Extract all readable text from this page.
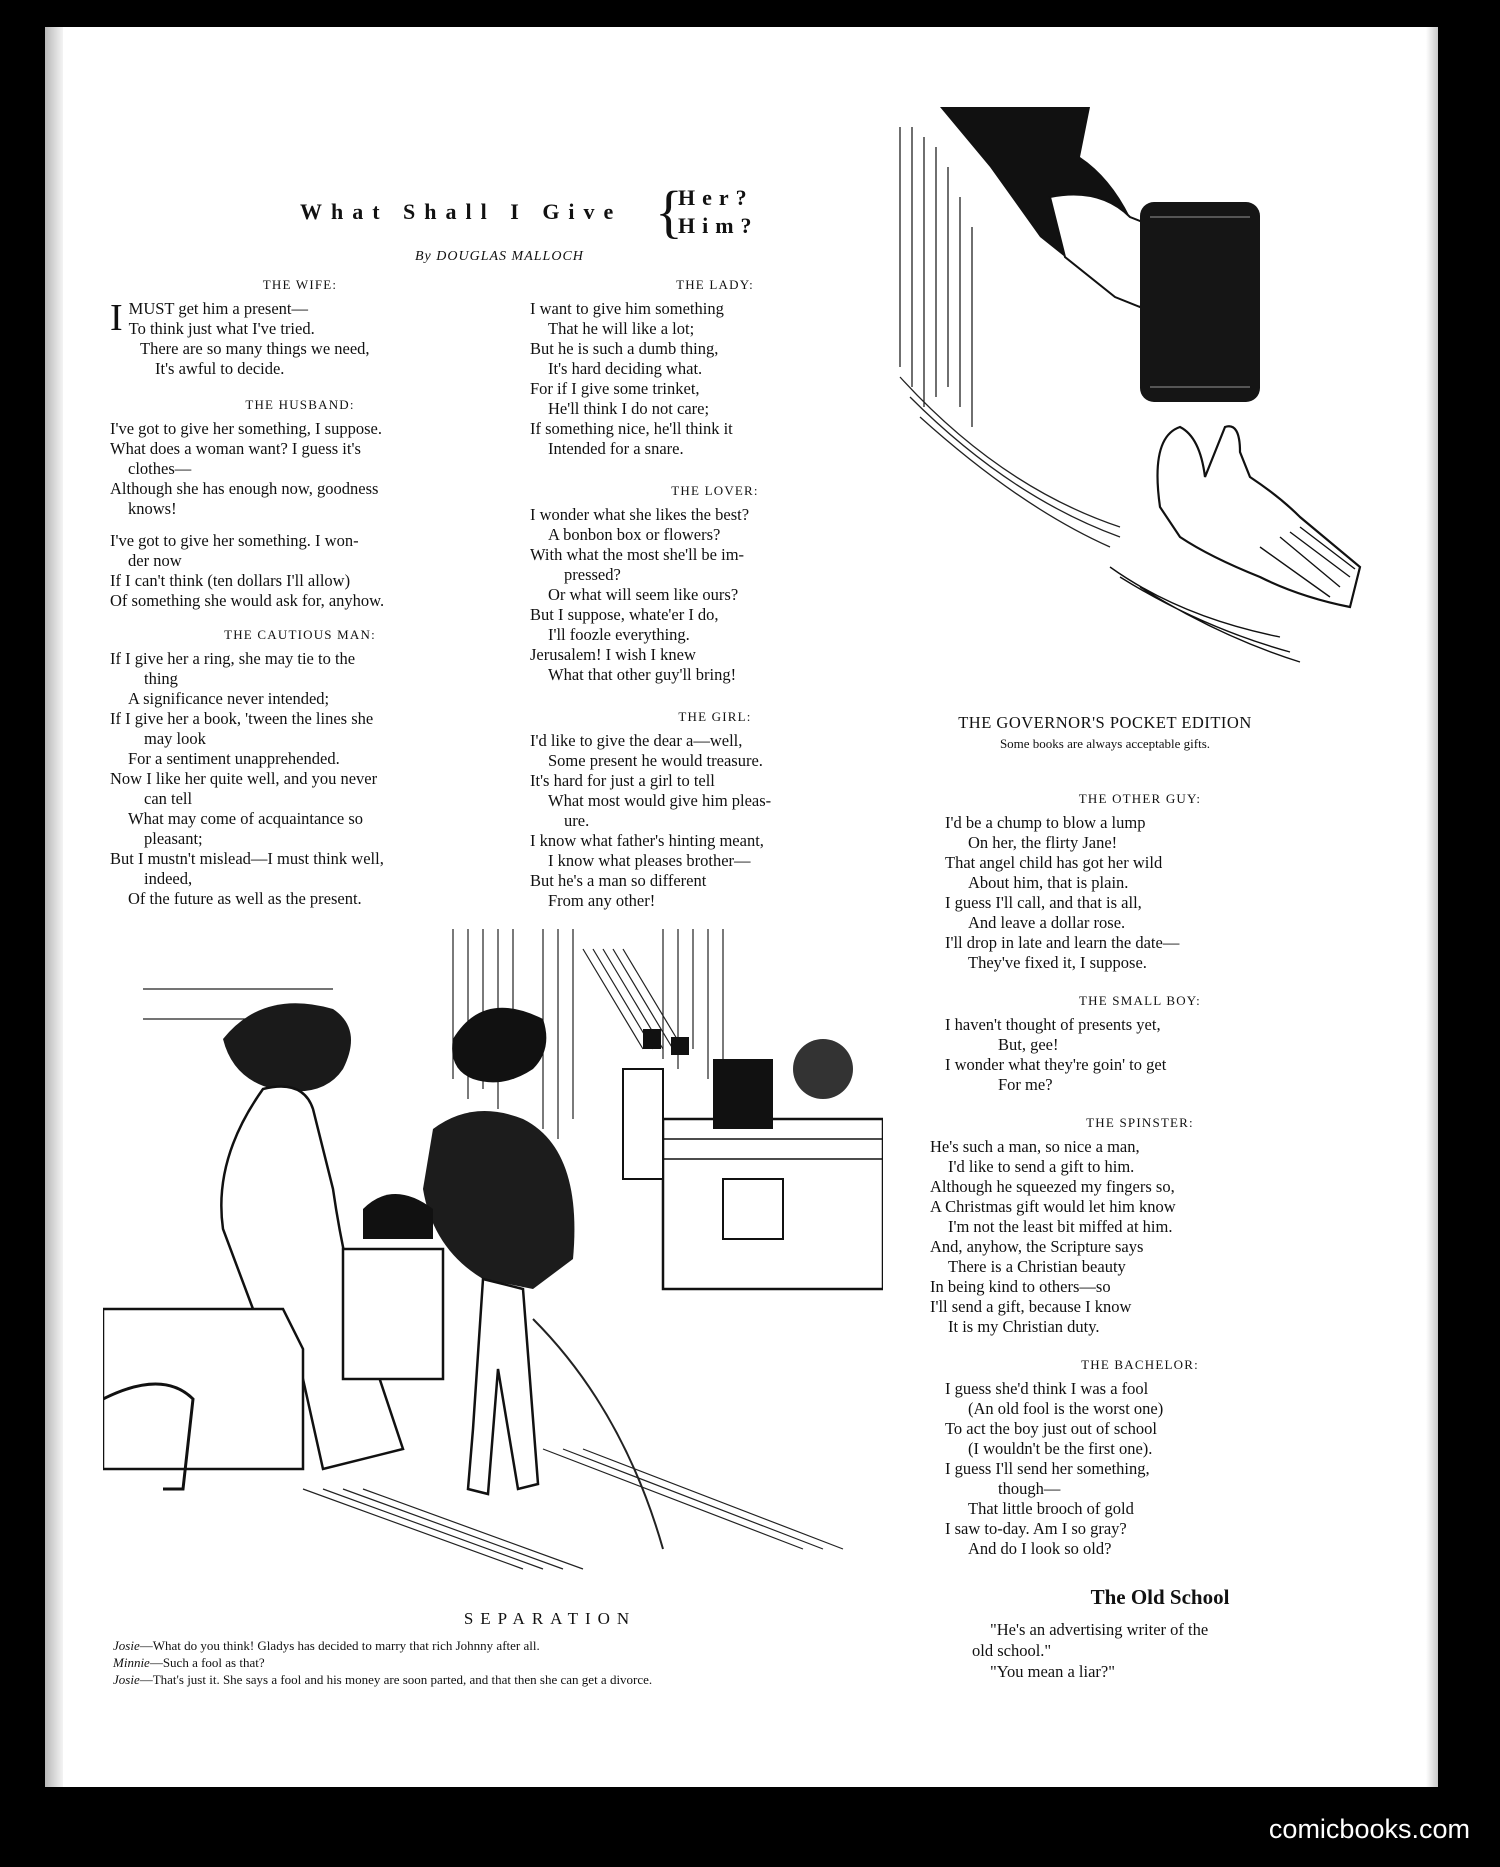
What Shall I Give {
Her?
Him?
By DOUGLAS MALLOCH
THE WIFE:
I MUST get him a present—
To think just what I've tried.
There are so many things we need,
It's awful to decide.
THE HUSBAND:
I've got to give her something, I suppose.
What does a woman want? I guess it's
clothes—
Although she has enough now, goodness
knows!
I've got to give her something. I won-
der now
If I can't think (ten dollars I'll allow)
Of something she would ask for, anyhow.
THE CAUTIOUS MAN:
If I give her a ring, she may tie to the
thing
A significance never intended;
If I give her a book, 'tween the lines she
may look
For a sentiment unapprehended.
Now I like her quite well, and you never
can tell
What may come of acquaintance so
pleasant;
But I mustn't mislead—I must think well,
indeed,
Of the future as well as the present.
THE LADY:
I want to give him something
That he will like a lot;
But he is such a dumb thing,
It's hard deciding what.
For if I give some trinket,
He'll think I do not care;
If something nice, he'll think it
Intended for a snare.
THE LOVER:
I wonder what she likes the best?
A bonbon box or flowers?
With what the most she'll be im-
pressed?
Or what will seem like ours?
But I suppose, whate'er I do,
I'll foozle everything.
Jerusalem! I wish I knew
What that other guy'll bring!
THE GIRL:
I'd like to give the dear a—well,
Some present he would treasure.
It's hard for just a girl to tell
What most would give him pleas-
ure.
I know what father's hinting meant,
I know what pleases brother—
But he's a man so different
From any other!
THE GOVERNOR'S POCKET EDITION
Some books are always acceptable gifts.
THE OTHER GUY:
I'd be a chump to blow a lump
On her, the flirty Jane!
That angel child has got her wild
About him, that is plain.
I guess I'll call, and that is all,
And leave a dollar rose.
I'll drop in late and learn the date—
They've fixed it, I suppose.
THE SMALL BOY:
I haven't thought of presents yet,
But, gee!
I wonder what they're goin' to get
For me?
THE SPINSTER:
He's such a man, so nice a man,
I'd like to send a gift to him.
Although he squeezed my fingers so,
A Christmas gift would let him know
I'm not the least bit miffed at him.
And, anyhow, the Scripture says
There is a Christian beauty
In being kind to others—so
I'll send a gift, because I know
It is my Christian duty.
THE BACHELOR:
I guess she'd think I was a fool
(An old fool is the worst one)
To act the boy just out of school
(I wouldn't be the first one).
I guess I'll send her something,
though—
That little brooch of gold
I saw to-day. Am I so gray?
And do I look so old?
SEPARATION
Josie—What do you think! Gladys has decided to marry that rich Johnny after all.
Minnie—Such a fool as that?
Josie—That's just it. She says a fool and his money are soon parted, and that then she can get a divorce.
The Old School
"He's an advertising writer of the
old school."
"You mean a liar?"
comicbooks.com
